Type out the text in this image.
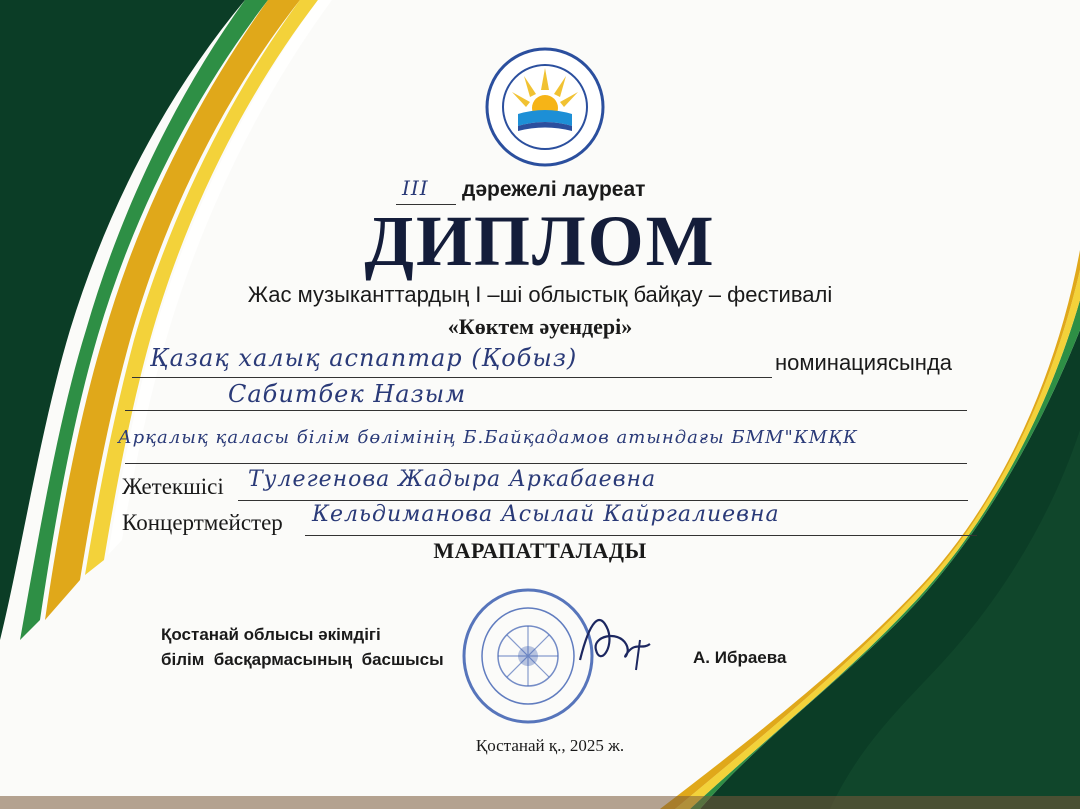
III дәрежелі лауреат
ДИПЛОМ
Жас музыканттардың I –ші облыстық байқау – фестивалі
«Көктем әуендері»
Қазақ халық аспаптар (Қобыз)	номинациясында
Сабитбек Назым
Арқалық қаласы білім бөлімінің Б.Байқадамов атындағы БММ"КМҚК
Жетекшісі Тулегенова Жадыра Аркабаевна
Концертмейстер Кельдиманова Асылай Кайргалиевна
МАРАПАТТАЛАДЫ
Қостанай облысы әкімдігі
білім  басқармасының  басшысы	А. Ибраева
Қостанай қ., 2025 ж.
